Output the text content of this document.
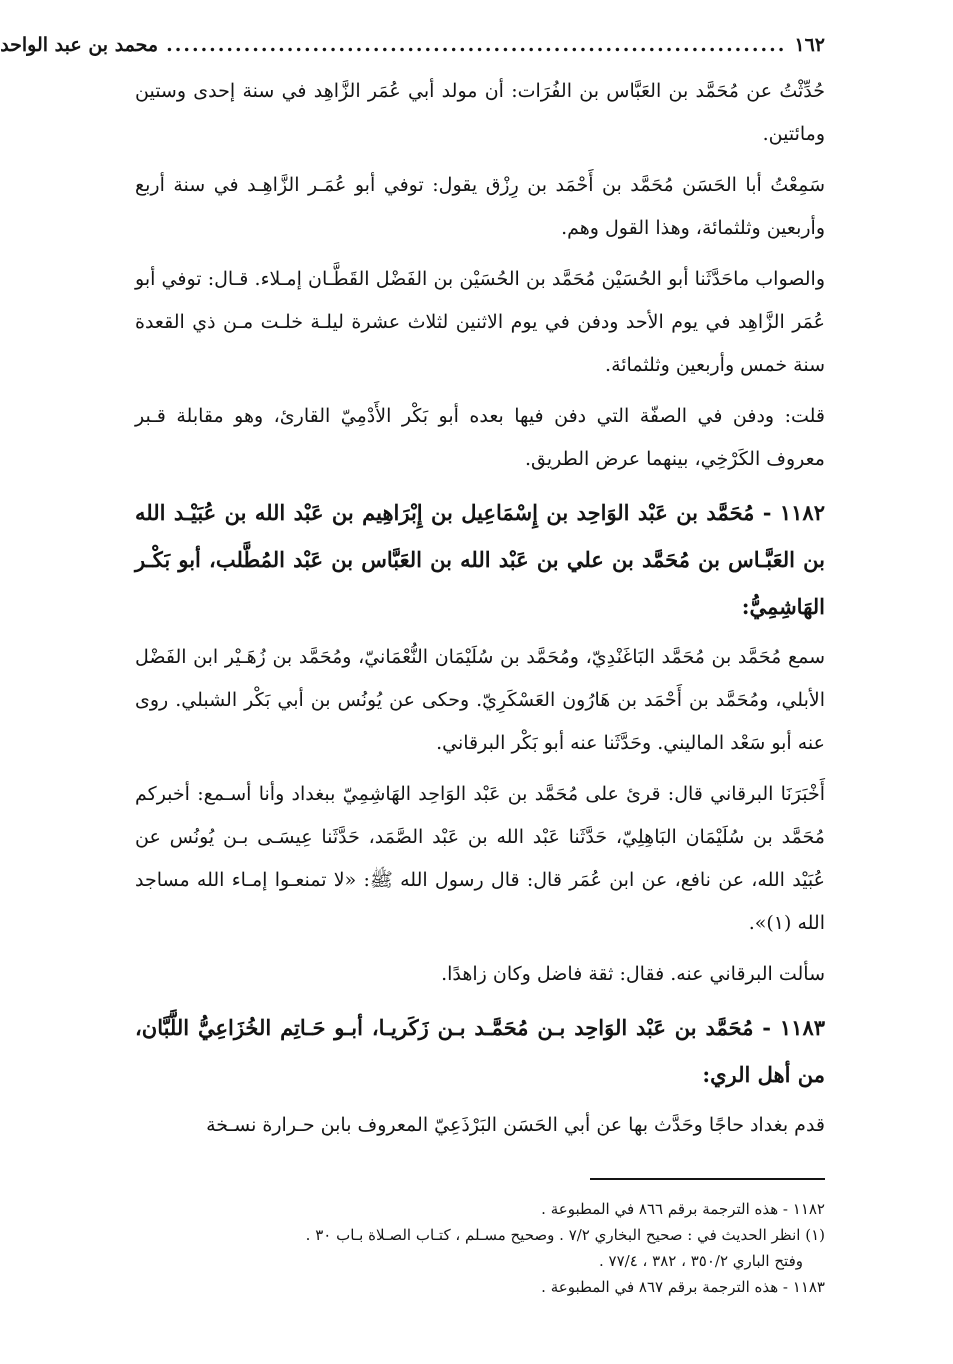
١٦٢
........................................................................
محمد بن عبد الواحد

حُدِّثْتُ عن مُحَمَّد بن العَبَّاس بن الفُرَات: أن مولد أبي عُمَر الزَّاهِد في سنة إحدى وستين ومائتين.

سَمِعْتُ أبا الحَسَن مُحَمَّد بن أَحْمَد بن رِزْق يقول: توفي أبو عُمَـر الزَّاهِـد في سنة أربع وأربعين وثلثمائة، وهذا القول وهم.

والصواب ماحَدَّثَنا أبو الحُسَيْن مُحَمَّد بن الحُسَيْن بن الفَضْل القَطَّـان إمـلاء. قـال: توفي أبو عُمَر الزَّاهِد في يوم الأحد ودفن في يوم الاثنين لثلاث عشرة ليلـة خلـت مـن ذي القعدة سنة خمس وأربعين وثلثمائة.

قلت: ودفن في الصفّة التي دفن فيها بعده أبو بَكْر الأَدْمِيّ القارئ، وهو مقابلة قـبر معروف الكَرْخِي، بينهما عرض الطريق.

١١٨٢ - مُحَمَّد بن عَبْد الوَاحِد بن إِسْمَاعِيل بن إِبْرَاهِيم بن عَبْد الله بن عُبَيْـد الله بن العَبَّـاس بن مُحَمَّد بن علي بن عَبْد الله بن العَبَّاس بن عَبْد المُطَّلب، أبو بَكْـر الهَاشِمِيُّ:

سمع مُحَمَّد بن مُحَمَّد البَاغَنْدِيّ، ومُحَمَّد بن سُلَيْمَان النُّعْمَانيّ، ومُحَمَّد بن زُهَـيْر ابن الفَضْل الأبلي، ومُحَمَّد بن أَحْمَد بن هَارُون العَسْكَرِيّ. وحكى عن يُونُس بن أبي بَكْر الشبلي. روى عنه أبو سَعْد الماليني. وحَدَّثَنا عنه أبو بَكْر البرقاني.

أَخْبَرَنَا البرقاني قال: قرئ على مُحَمَّد بن عَبْد الوَاحِد الهَاشِمِيّ ببغداد وأنا أسـمع: أخبركم مُحَمَّد بن سُلَيْمَان البَاهِلِيّ، حَدَّثَنا عَبْد الله بن عَبْد الصَّمَد، حَدَّثَنا عِيسَـى بـن يُونُس عن عُبَيْد الله، عن نافع، عن ابن عُمَر قال: قال رسول الله ﷺ: «لا تمنعـوا إمـاء الله مساجد الله (١)».

سألت البرقاني عنه. فقال: ثقة فاضل وكان زاهدًا.

١١٨٣ - مُحَمَّد بن عَبْد الوَاحِد بـن مُحَمَّـد بـن زَكَريـا، أبـو حَـاتِم الخُزَاعِيُّ اللَّبَّان، من أهل الري:

قدم بغداد حاجًا وحَدَّث بها عن أبي الحَسَن البَرْذَعِيّ المعروف بابن حـرارة نسـخة

١١٨٢ - هذه الترجمة برقم ٨٦٦ في المطبوعة .

(١) انظر الحديث في : صحيح البخاري ٧/٢ . وصحيح مسـلم ، كتـاب الصـلاة بـاب ٣٠ .

وفتح الباري ٣٥٠/٢ ، ٣٨٢ ، ٧٧/٤ .

١١٨٣ - هذه الترجمة برقم ٨٦٧ في المطبوعة .
